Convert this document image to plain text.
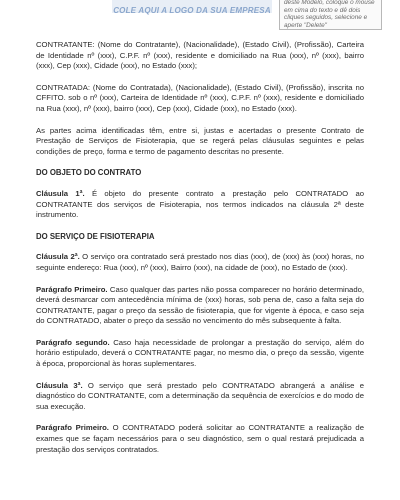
COLE AQUI A LOGO DA SUA EMPRESA
deste Modelo, coloque o mouse em cima do texto e dê dois cliques seguidos, selecione e aperte "Delete"

CONTRATANTE: (Nome do Contratante), (Nacionalidade), (Estado Civil), (Profissão), Carteira de Identidade nº (xxx), C.P.F. nº (xxx), residente e domiciliado na Rua (xxx), nº (xxx), bairro (xxx), Cep (xxx), Cidade (xxx), no Estado (xxx);

CONTRATADA: (Nome do Contratada), (Nacionalidade), (Estado Civil), (Profissão), inscrita no CFFITO. sob o nº (xxx), Carteira de Identidade nº (xxx), C.P.F. nº (xxx), residente e domiciliado na Rua (xxx), nº (xxx), bairro (xxx), Cep (xxx), Cidade (xxx), no Estado (xxx).

As partes acima identificadas têm, entre si, justas e acertadas o presente Contrato de Prestação de Serviços de Fisioterapia, que se regerá pelas cláusulas seguintes e pelas condições de preço, forma e termo de pagamento descritas no presente.

DO OBJETO DO CONTRATO

Cláusula 1ª. É objeto do presente contrato a prestação pelo CONTRATADO ao CONTRATANTE dos serviços de Fisioterapia, nos termos indicados na cláusula 2ª deste instrumento.

DO SERVIÇO DE FISIOTERAPIA

Cláusula 2ª. O serviço ora contratado será prestado nos dias (xxx), de (xxx) às (xxx) horas, no seguinte endereço: Rua (xxx), nº (xxx), Bairro (xxx), na cidade de (xxx), no Estado de (xxx).

Parágrafo Primeiro. Caso qualquer das partes não possa comparecer no horário determinado, deverá desmarcar com antecedência mínima de (xxx) horas, sob pena de, caso a falta seja do CONTRATANTE, pagar o preço da sessão de fisioterapia, que for vigente à época, e caso seja do CONTRATADO, abater o preço da sessão no vencimento do mês subsequente à falta.

Parágrafo segundo. Caso haja necessidade de prolongar a prestação do serviço, além do horário estipulado, deverá o CONTRATANTE pagar, no mesmo dia, o preço da sessão, vigente à época, proporcional às horas suplementares.

Cláusula 3ª. O serviço que será prestado pelo CONTRATADO abrangerá a análise e diagnóstico do CONTRATANTE, com a determinação da sequência de exercícios e do modo de sua execução.

Parágrafo Primeiro. O CONTRATADO poderá solicitar ao CONTRATANTE a realização de exames que se façam necessários para o seu diagnóstico, sem o qual restará prejudicada a prestação dos serviços contratados.
